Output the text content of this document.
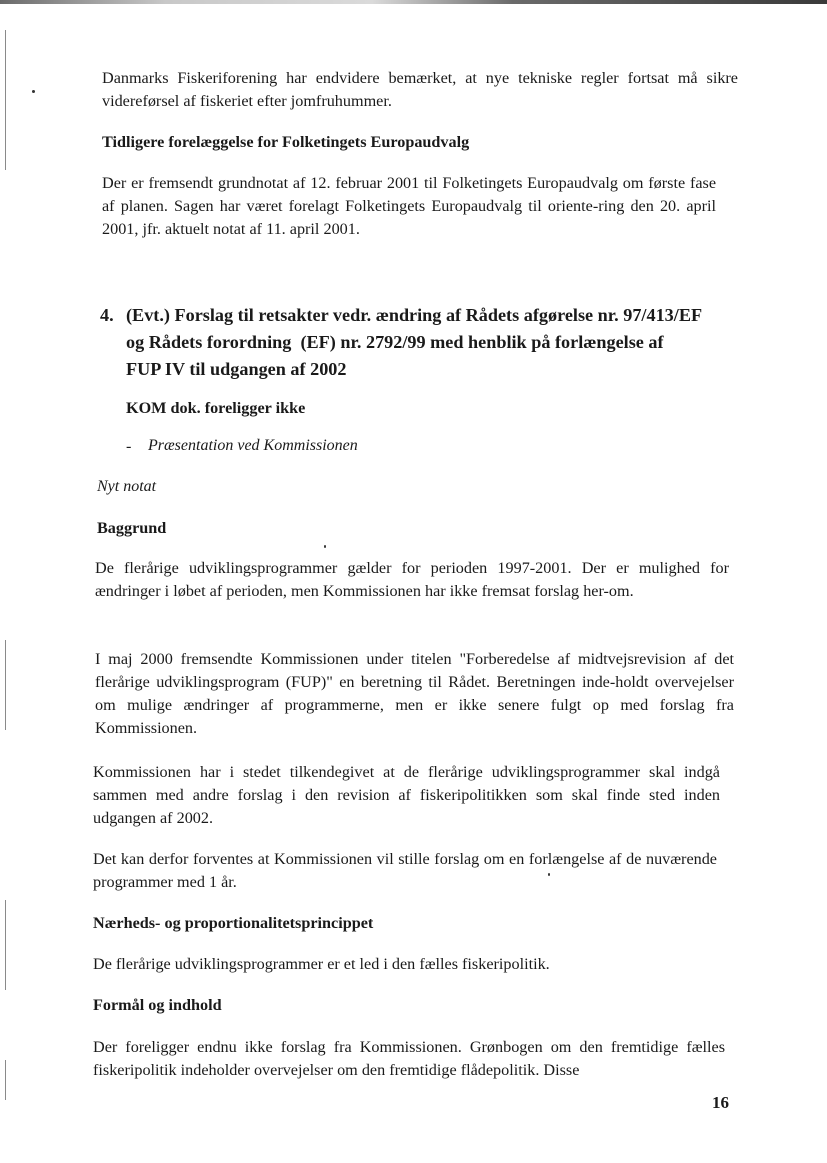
Danmarks Fiskeriforening har endvidere bemærket, at nye tekniske regler fortsat må sikre videreførsel af fiskeriet efter jomfruhummer.

Tidligere forelæggelse for Folketingets Europaudvalg

Der er fremsendt grundnotat af 12. februar 2001 til Folketingets Europaudvalg om første fase af planen. Sagen har været forelagt Folketingets Europaudvalg til oriente-ring den 20. april 2001, jfr. aktuelt notat af 11. april 2001.

4. (Evt.) Forslag til retsakter vedr. ændring af Rådets afgørelse nr. 97/413/EF
og Rådets forordning  (EF) nr. 2792/99 med henblik på forlængelse af
FUP IV til udgangen af 2002

KOM dok. foreligger ikke

- Præsentation ved Kommissionen

Nyt notat

Baggrund

De flerårige udviklingsprogrammer gælder for perioden 1997-2001. Der er mulighed for ændringer i løbet af perioden, men Kommissionen har ikke fremsat forslag her-om.

I maj 2000 fremsendte Kommissionen under titelen "Forberedelse af midtvejsrevision af det flerårige udviklingsprogram (FUP)" en beretning til Rådet. Beretningen inde-holdt overvejelser om mulige ændringer af programmerne, men er ikke senere fulgt op med forslag fra Kommissionen.

Kommissionen har i stedet tilkendegivet at de flerårige udviklingsprogrammer skal indgå sammen med andre forslag i den revision af fiskeripolitikken som skal finde sted inden udgangen af 2002.

Det kan derfor forventes at Kommissionen vil stille forslag om en forlængelse af de nuværende programmer med 1 år.

Nærheds- og proportionalitetsprincippet

De flerårige udviklingsprogrammer er et led i den fælles fiskeripolitik.

Formål og indhold

Der foreligger endnu ikke forslag fra Kommissionen. Grønbogen om den fremtidige fælles fiskeripolitik indeholder overvejelser om den fremtidige flådepolitik. Disse

16
